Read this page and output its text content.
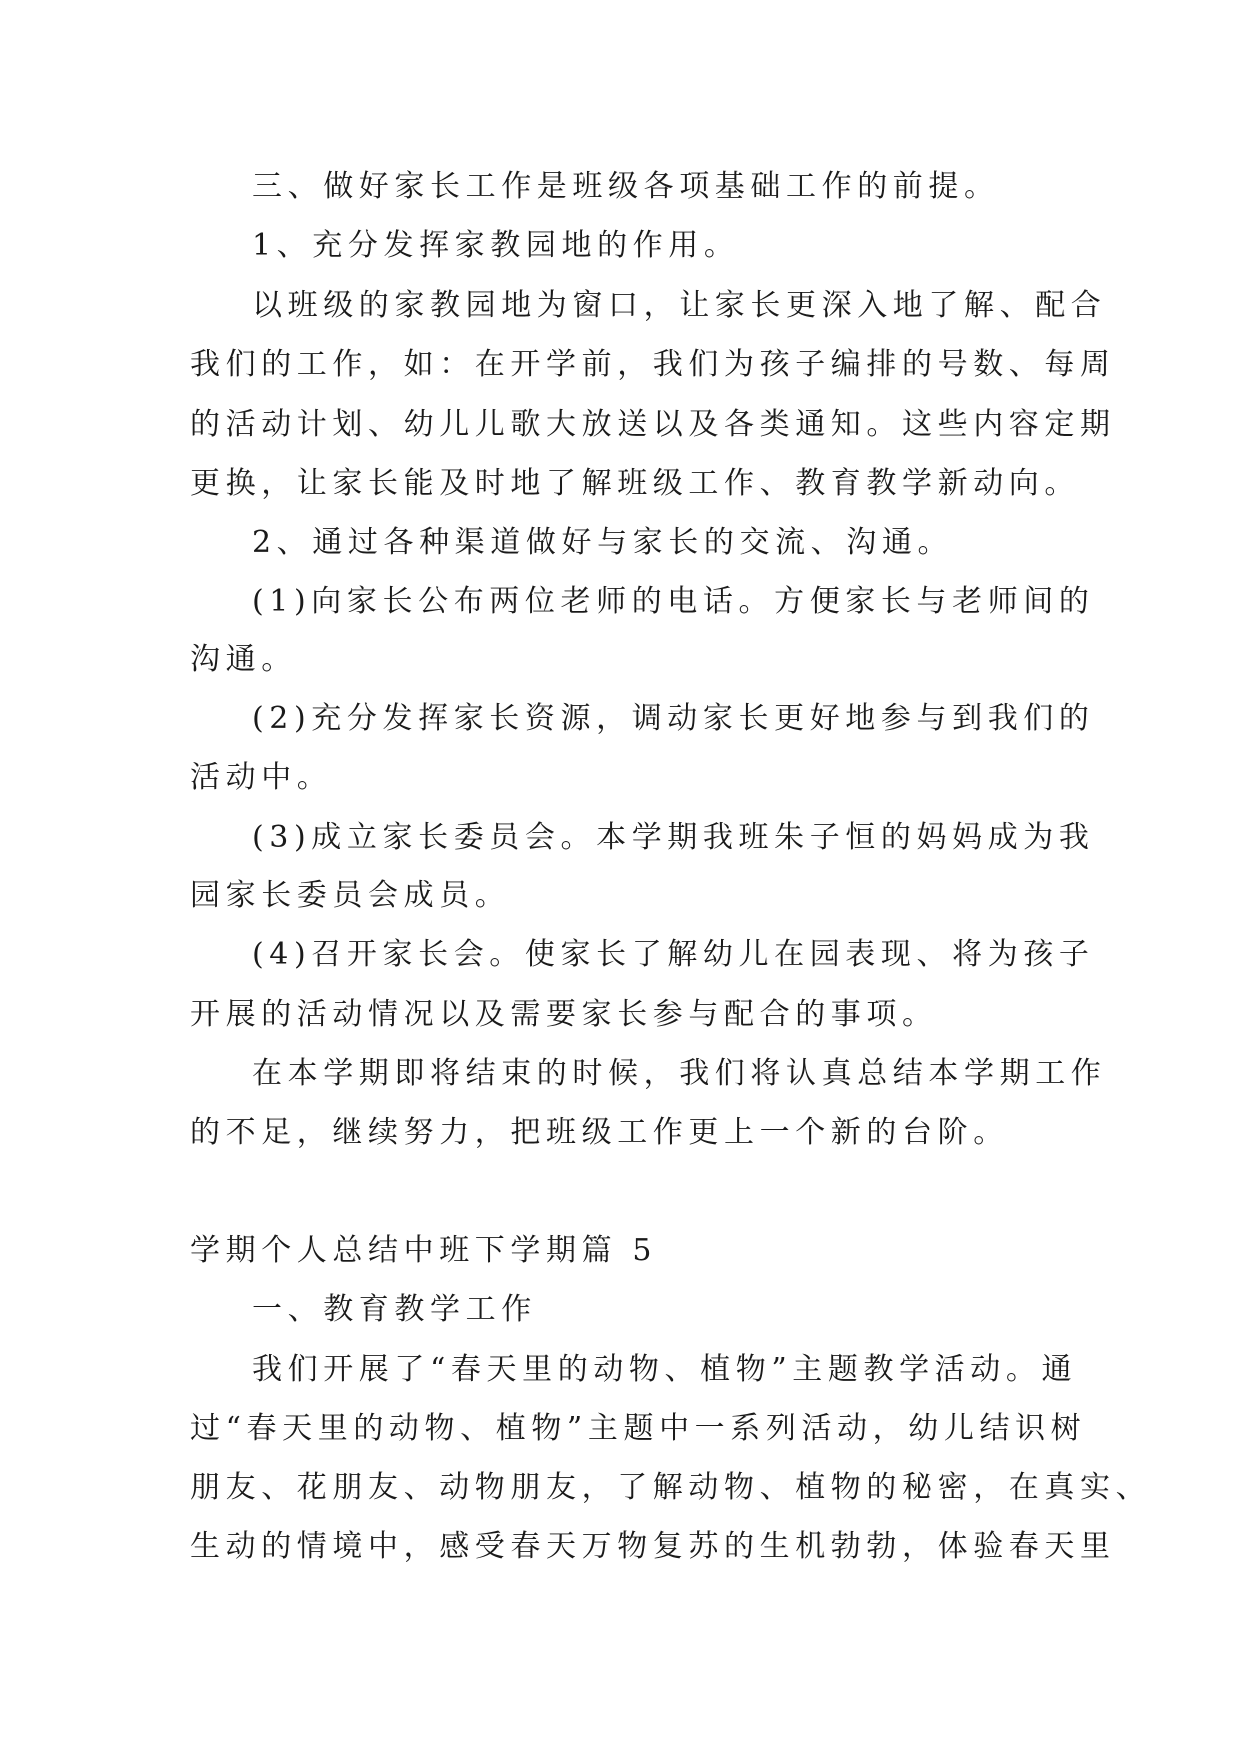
三、做好家长工作是班级各项基础工作的前提。
1、充分发挥家教园地的作用。
以班级的家教园地为窗口，让家长更深入地了解、配合
我们的工作，如：在开学前，我们为孩子编排的号数、每周
的活动计划、幼儿儿歌大放送以及各类通知。这些内容定期
更换，让家长能及时地了解班级工作、教育教学新动向。
2、通过各种渠道做好与家长的交流、沟通。
(1)向家长公布两位老师的电话。方便家长与老师间的
沟通。
(2)充分发挥家长资源，调动家长更好地参与到我们的
活动中。
(3)成立家长委员会。本学期我班朱子恒的妈妈成为我
园家长委员会成员。
(4)召开家长会。使家长了解幼儿在园表现、将为孩子
开展的活动情况以及需要家长参与配合的事项。
在本学期即将结束的时候，我们将认真总结本学期工作
的不足，继续努力，把班级工作更上一个新的台阶。
学期个人总结中班下学期篇 5
一、教育教学工作
我们开展了“春天里的动物、植物”主题教学活动。通
过“春天里的动物、植物”主题中一系列活动，幼儿结识树
朋友、花朋友、动物朋友，了解动物、植物的秘密，在真实、
生动的情境中，感受春天万物复苏的生机勃勃，体验春天里
